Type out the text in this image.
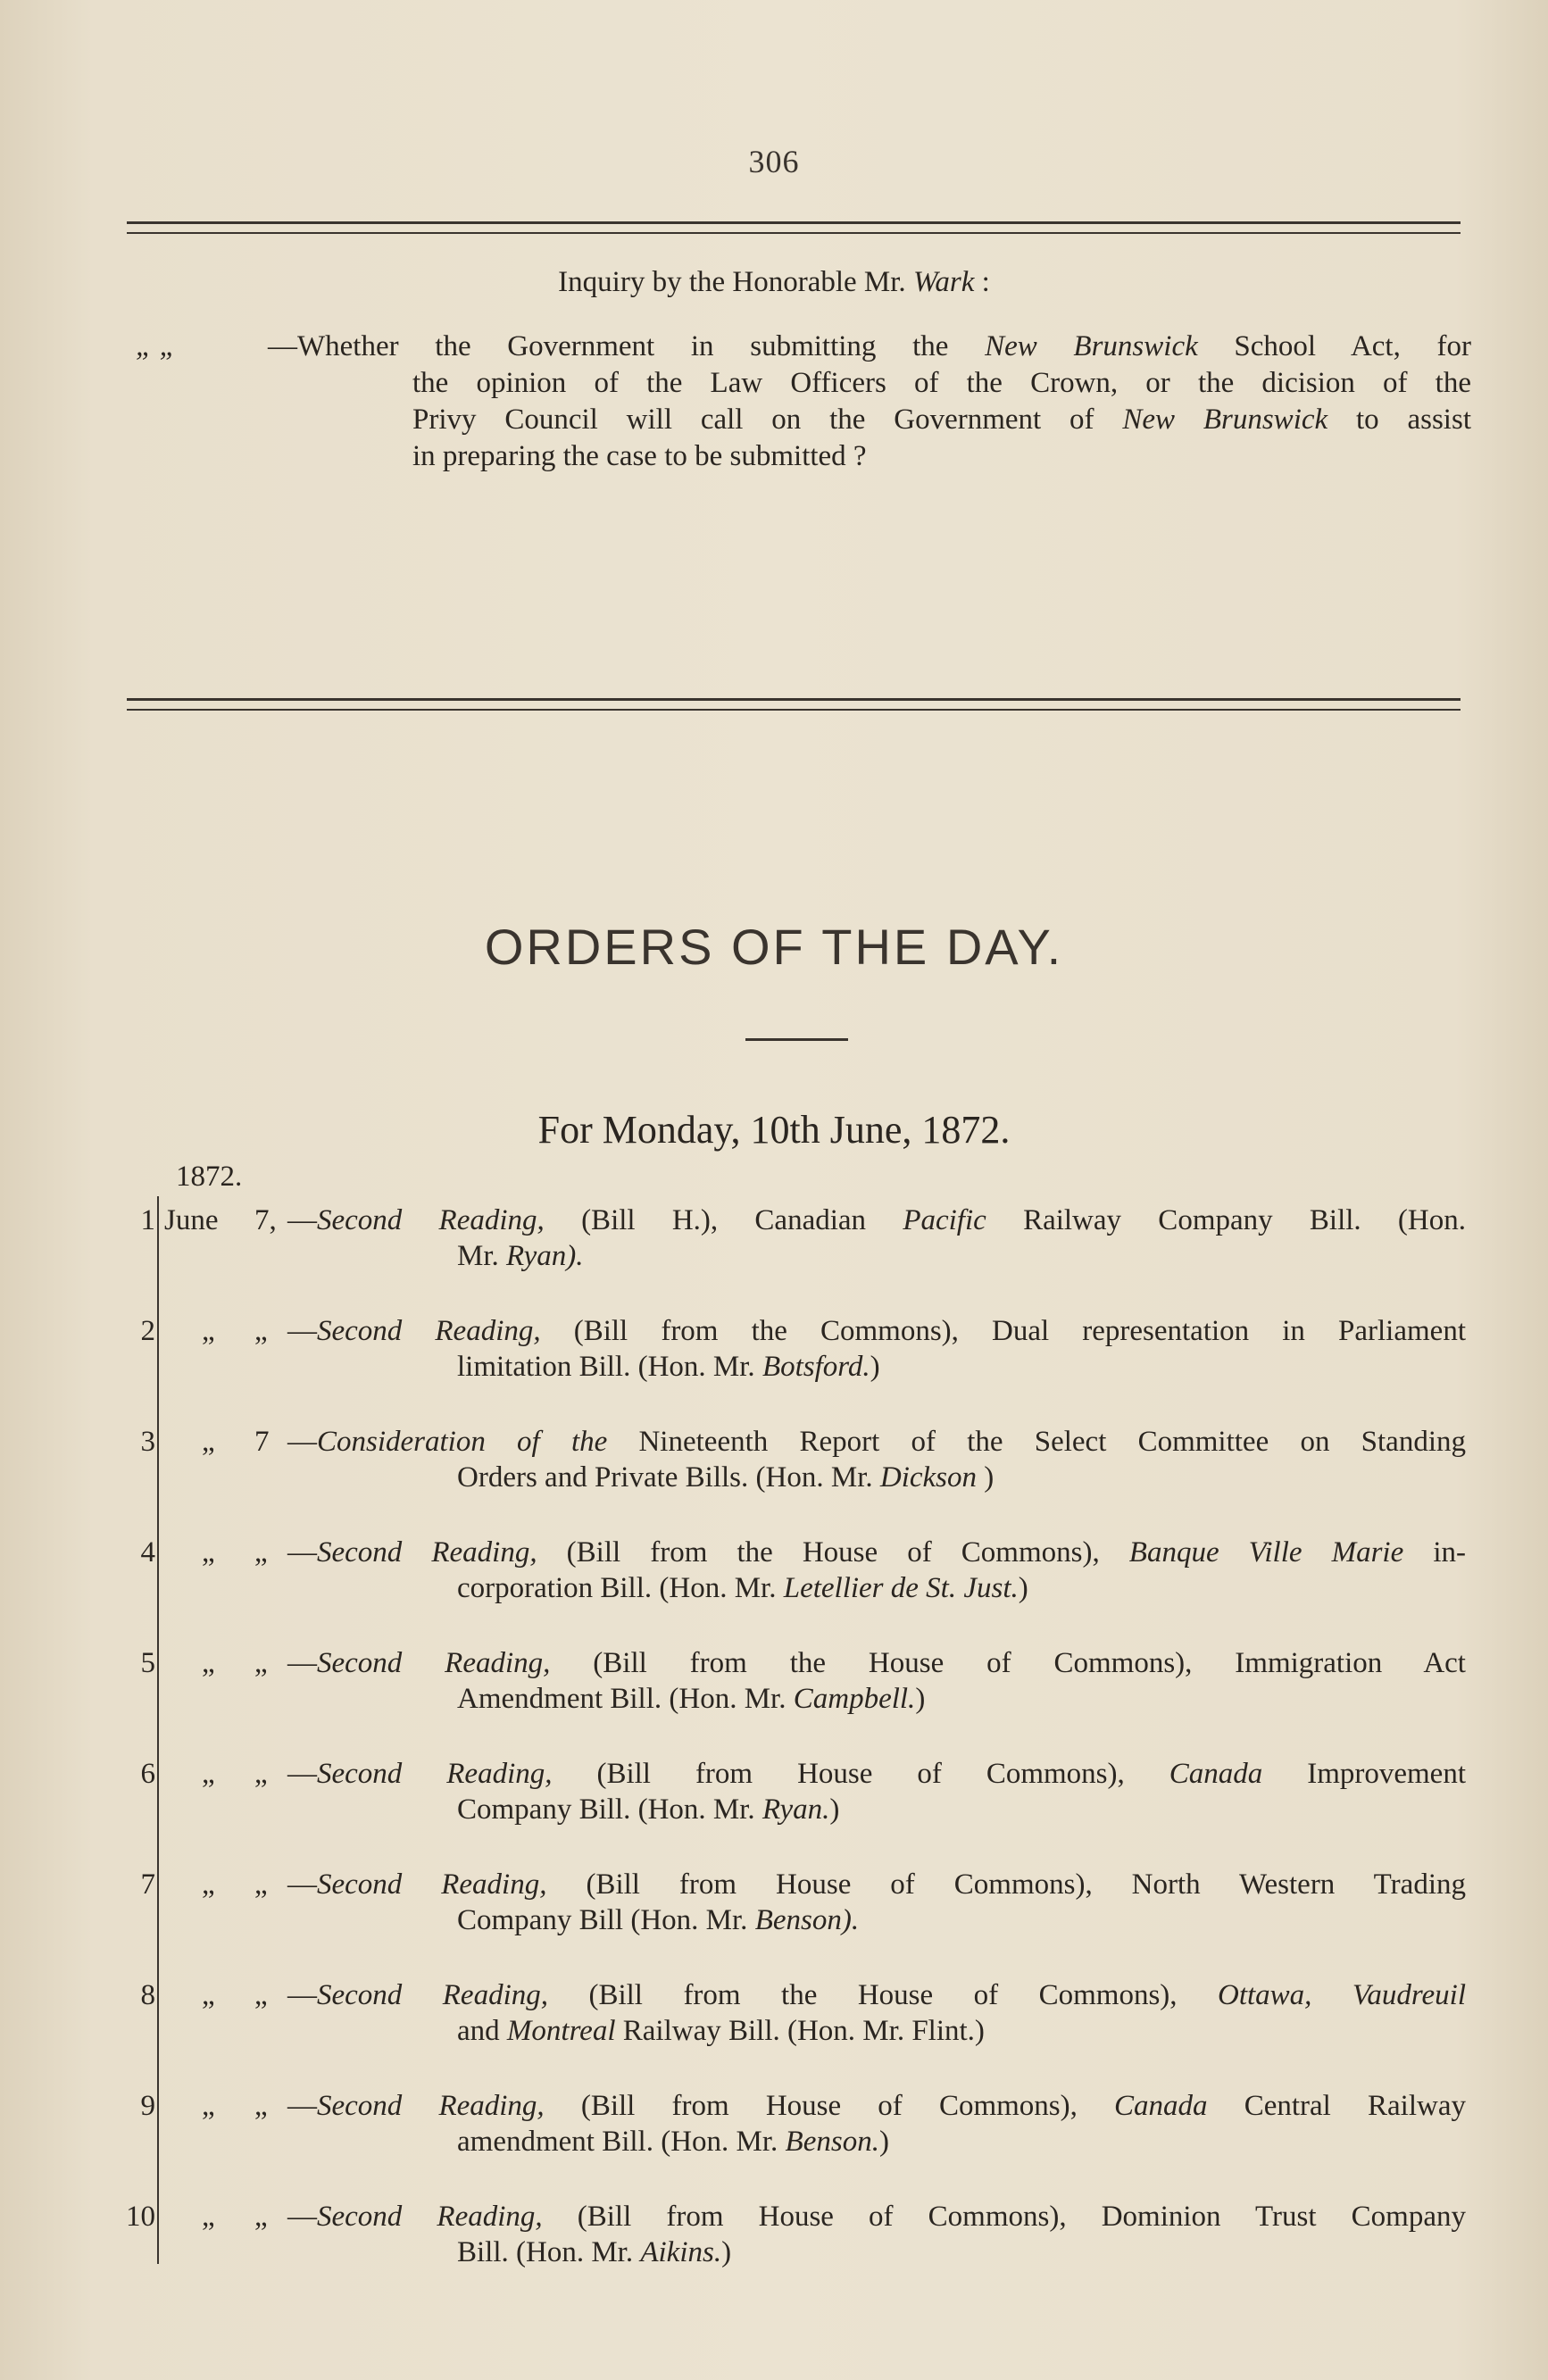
306
Inquiry by the Honorable Mr. Wark :
„ „	—Whether the Government in submitting the New Brunswick School Act, for
the opinion of the Law Officers of the Crown, or the dicision of the
Privy Council will call on the Government of New Brunswick to assist
in preparing the case to be submitted ?
ORDERS OF THE DAY.
For Monday, 10th June, 1872.
1872.
1 June 7, —Second Reading, (Bill H.), Canadian Pacific Railway Company Bill. (Hon.
Mr. Ryan).
2 „ „ —Second Reading, (Bill from the Commons), Dual representation in Parliament
limitation Bill. (Hon. Mr. Botsford.)
3 „ 7 —Consideration of the Nineteenth Report of the Select Committee on Standing
Orders and Private Bills. (Hon. Mr. Dickson )
4 „ „ —Second Reading, (Bill from the House of Commons), Banque Ville Marie in-
corporation Bill. (Hon. Mr. Letellier de St. Just.)
5 „ „ —Second Reading, (Bill from the House of Commons), Immigration Act
Amendment Bill. (Hon. Mr. Campbell.)
6 „ „ —Second Reading, (Bill from House of Commons), Canada Improvement
Company Bill. (Hon. Mr. Ryan.)
7 „ „ —Second Reading, (Bill from House of Commons), North Western Trading
Company Bill (Hon. Mr. Benson).
8 „ „ —Second Reading, (Bill from the House of Commons), Ottawa, Vaudreuil
and Montreal Railway Bill. (Hon. Mr. Flint.)
9 „ „ —Second Reading, (Bill from House of Commons), Canada Central Railway
amendment Bill. (Hon. Mr. Benson.)
10 „ „ —Second Reading, (Bill from House of Commons), Dominion Trust Company
Bill. (Hon. Mr. Aikins.)
